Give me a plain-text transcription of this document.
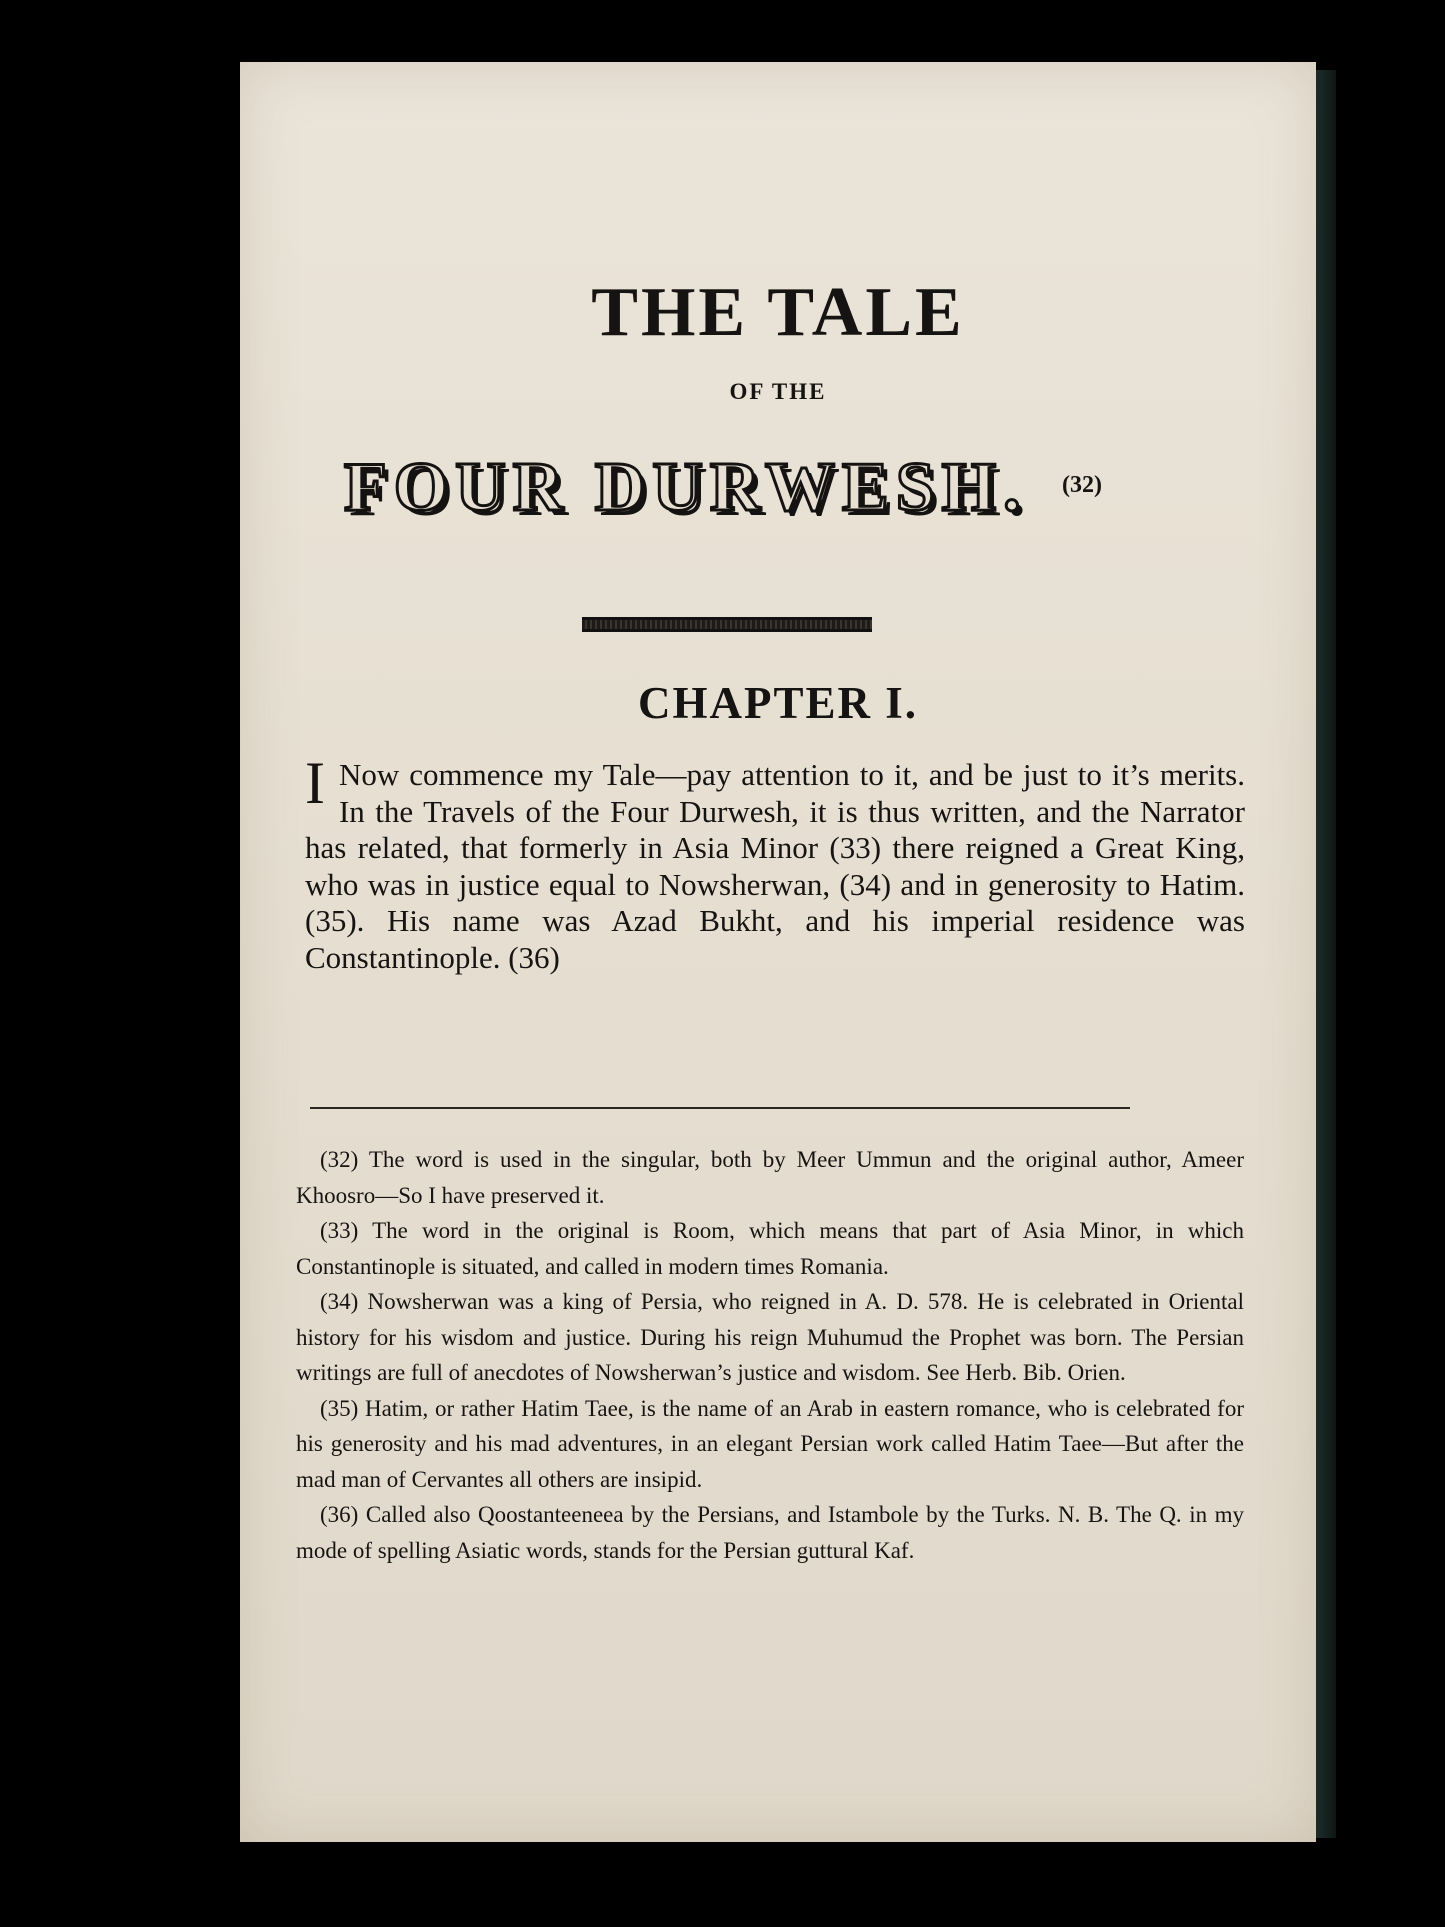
THE TALE
OF THE
FOUR DURWESH. (32)
CHAPTER I.
I Now commence my Tale—pay attention to it, and be just to it’s merits. In the Travels of the Four Durwesh, it is thus written, and the Narrator has related, that formerly in Asia Minor (33) there reigned a Great King, who was in justice equal to Nowsherwan, (34) and in generosity to Hatim. (35). His name was Azad Bukht, and his imperial residence was Constantinople. (36)

(32) The word is used in the singular, both by Meer Ummun and the original author, Ameer Khoosro—So I have preserved it.

(33) The word in the original is Room, which means that part of Asia Minor, in which Constantinople is situated, and called in modern times Romania.

(34) Nowsherwan was a king of Persia, who reigned in A. D. 578. He is celebrated in Oriental history for his wisdom and justice. During his reign Muhumud the Prophet was born. The Persian writings are full of anecdotes of Nowsherwan’s justice and wisdom. See Herb. Bib. Orien.

(35) Hatim, or rather Hatim Taee, is the name of an Arab in eastern romance, who is celebrated for his generosity and his mad adventures, in an elegant Persian work called Hatim Taee—But after the mad man of Cervantes all others are insipid.

(36) Called also Qoostanteeneea by the Persians, and Istambole by the Turks. N. B. The Q. in my mode of spelling Asiatic words, stands for the Persian guttural Kaf.
